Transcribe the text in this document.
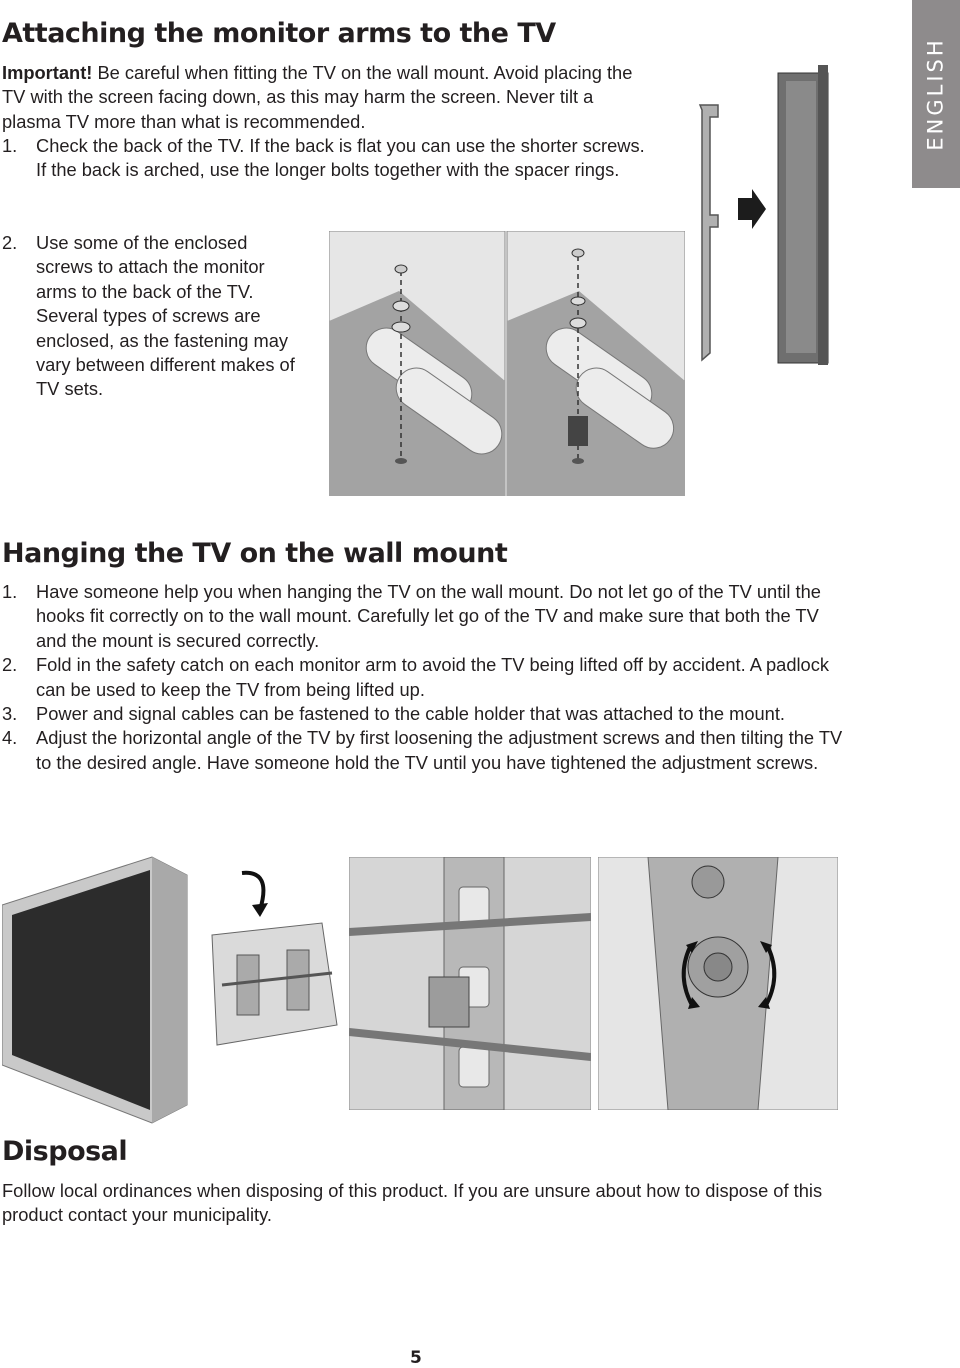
ENGLISH
Attaching the monitor arms to the TV

Important! Be careful when fitting the TV on the wall mount. Avoid placing the TV with the screen facing down, as this may harm the screen. Never tilt a plasma TV more than what is recommended.

1. Check the back of the TV. If the back is flat you can use the shorter screws. If the back is arched, use the longer bolts together with the spacer rings.
2. Use some of the enclosed screws to attach the monitor arms to the back of the TV. Several types of screws are enclosed, as the fastening may vary between different makes of TV sets.
Hanging the TV on the wall mount
1. Have someone help you when hanging the TV on the wall mount. Do not let go of the TV until the hooks fit correctly on to the wall mount. Carefully let go of the TV and make sure that both the TV and the mount is secured correctly.
2. Fold in the safety catch on each monitor arm to avoid the TV being lifted off by accident. A padlock can be used to keep the TV from being lifted up.
3. Power and signal cables can be fastened to the cable holder that was attached to the mount.
4. Adjust the horizontal angle of the TV by first loosening the adjustment screws and then tilting the TV to the desired angle. Have someone hold the TV until you have tightened the adjustment screws.
Disposal

Follow local ordinances when disposing of this product. If you are unsure about how to dispose of this product contact your municipality.

5
